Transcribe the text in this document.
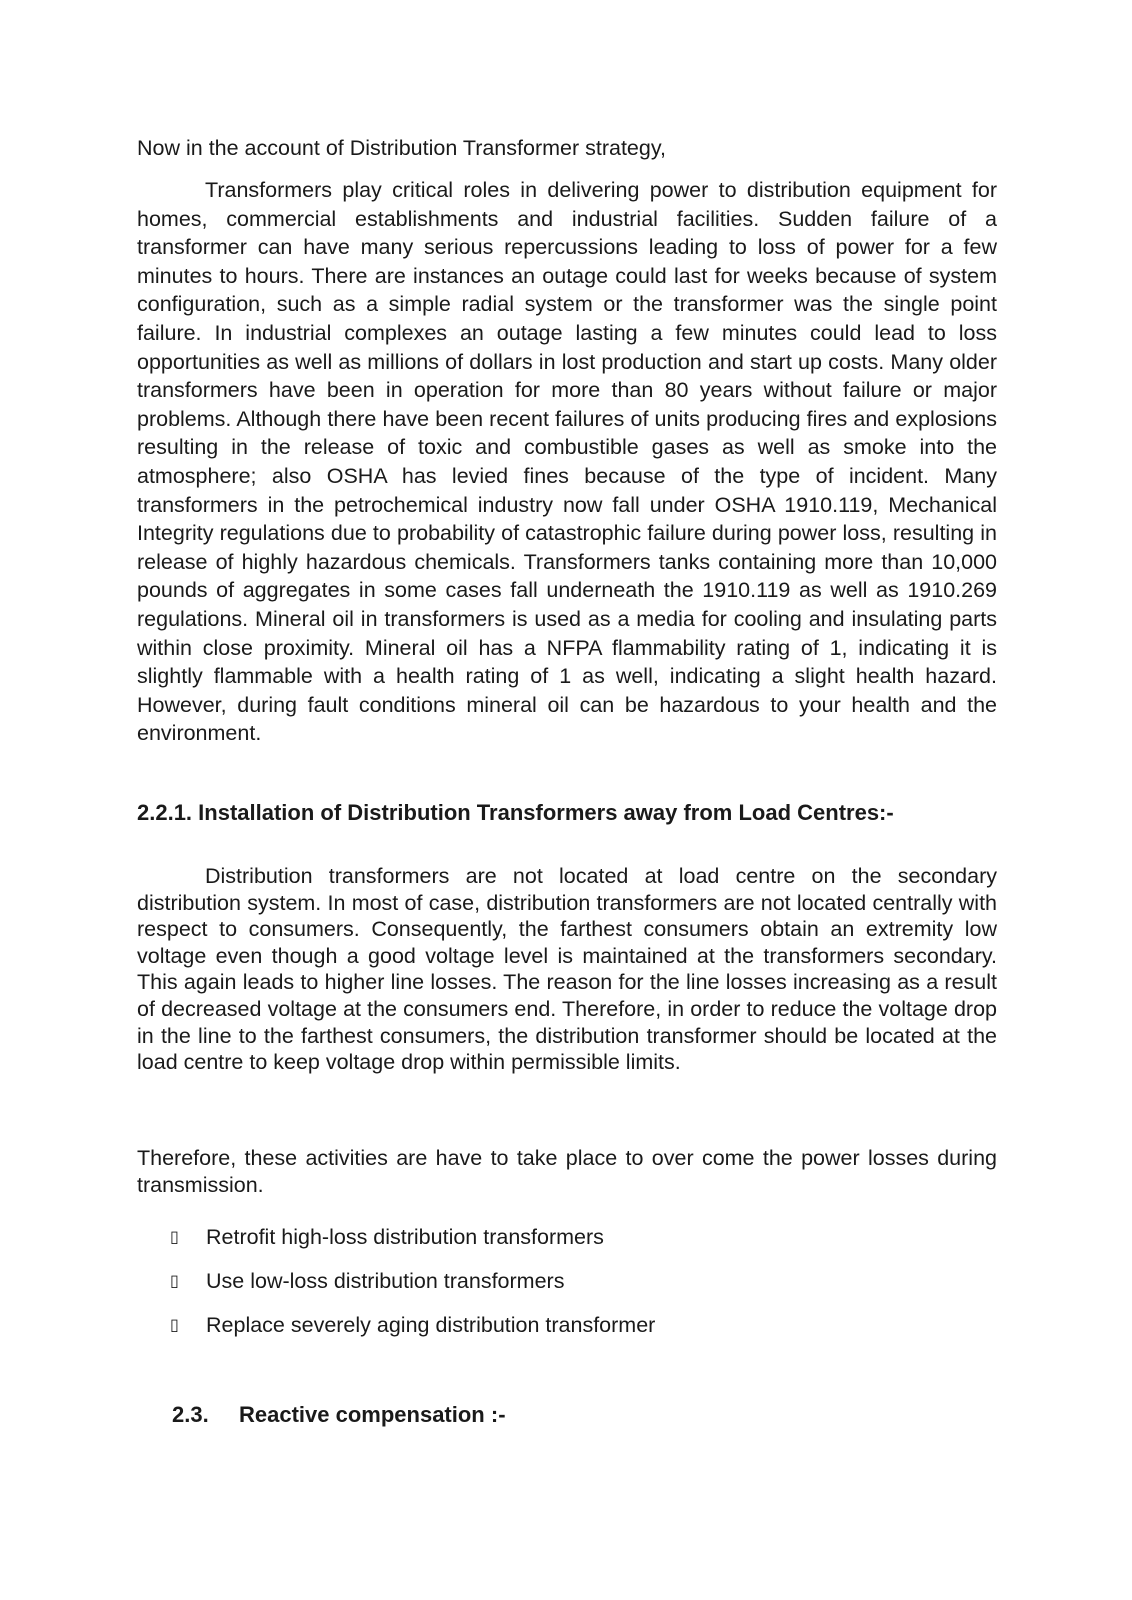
Now in the account of Distribution Transformer strategy,

Transformers play critical roles in delivering power to distribution equipment for homes, commercial establishments and industrial facilities. Sudden failure of a transformer can have many serious repercussions leading to loss of power for a few minutes to hours. There are instances an outage could last for weeks because of system configuration, such as a simple radial system or the transformer was the single point failure. In industrial complexes an outage lasting a few minutes could lead to loss opportunities as well as millions of dollars in lost production and start up costs. Many older transformers have been in operation for more than 80 years without failure or major problems. Although there have been recent failures of units producing fires and explosions resulting in the release of toxic and combustible gases as well as smoke into the atmosphere; also OSHA has levied fines because of the type of incident. Many transformers in the petrochemical industry now fall under OSHA 1910.119, Mechanical Integrity regulations due to probability of catastrophic failure during power loss, resulting in release of highly hazardous chemicals. Transformers tanks containing more than 10,000 pounds of aggregates in some cases fall underneath the 1910.119 as well as 1910.269 regulations. Mineral oil in transformers is used as a media for cooling and insulating parts within close proximity. Mineral oil has a NFPA flammability rating of 1, indicating it is slightly flammable with a health rating of 1 as well, indicating a slight health hazard. However, during fault conditions mineral oil can be hazardous to your health and the environment.

2.2.1. Installation of Distribution Transformers away from Load Centres:-

Distribution transformers are not located at load centre on the secondary distribution system. In most of case, distribution transformers are not located centrally with respect to consumers. Consequently, the farthest consumers obtain an extremity low voltage even though a good voltage level is maintained at the transformers secondary. This again leads to higher line losses. The reason for the line losses increasing as a result of decreased voltage at the consumers end. Therefore, in order to reduce the voltage drop in the line to the farthest consumers, the distribution transformer should be located at the load centre to keep voltage drop within permissible limits.

Therefore, these activities are have to take place to over come the power losses during transmission.

▯	Retrofit high-loss distribution transformers
▯	Use low-loss distribution transformers
▯	Replace severely aging distribution transformer
2.3.	Reactive compensation :-
